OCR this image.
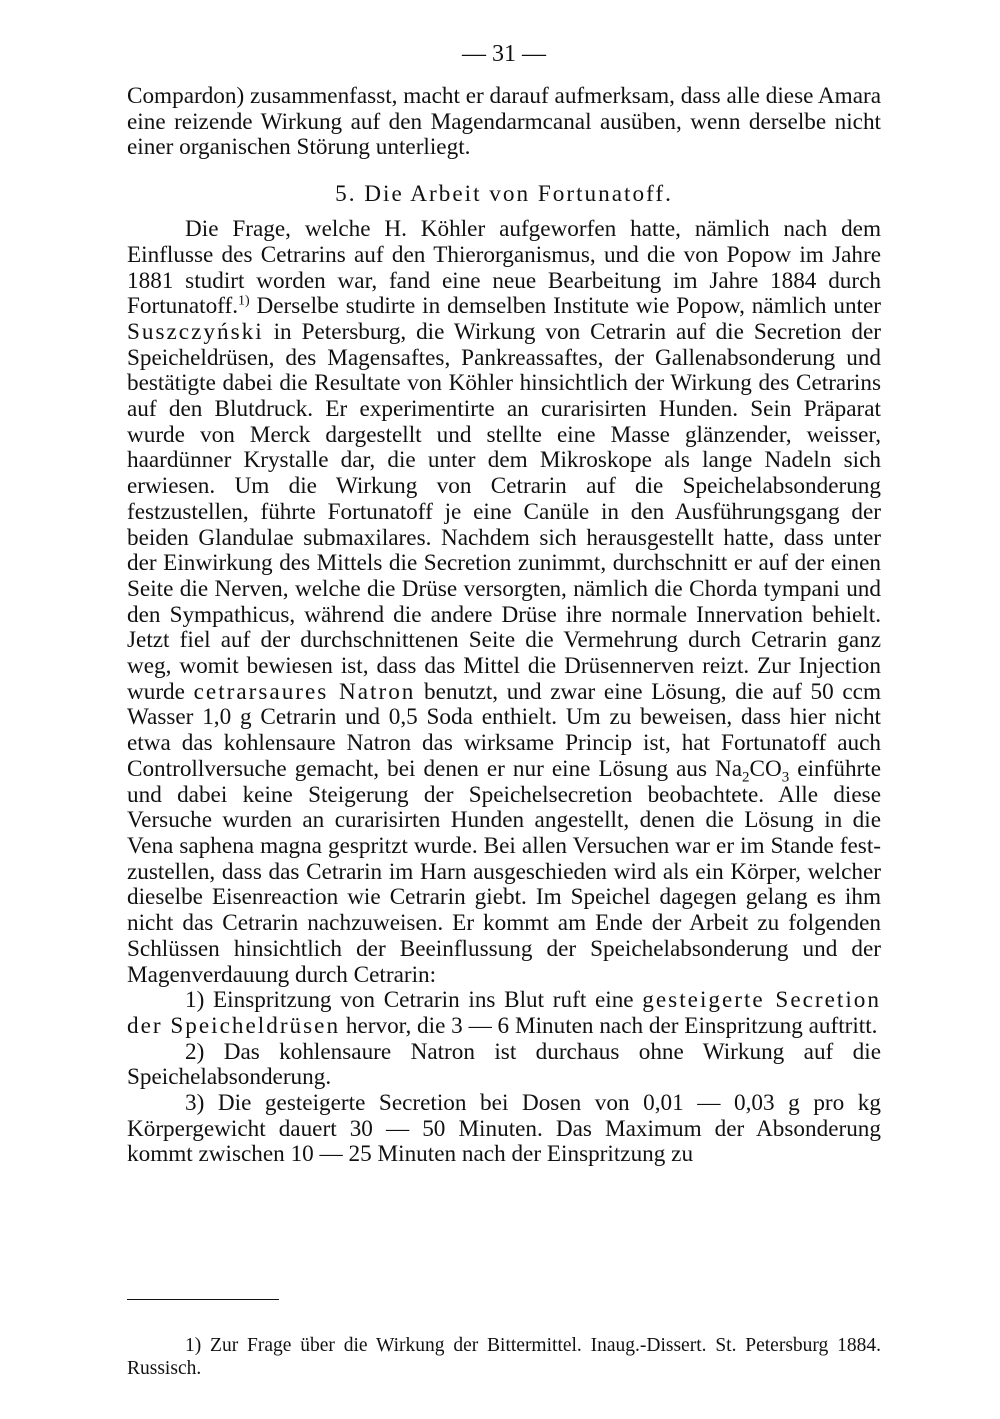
— 31 —

Compardon) zusammenfasst, macht er darauf aufmerksam, dass alle diese Amara eine reizende Wirkung auf den Magendarmcanal ausüben, wenn derselbe nicht einer organischen Störung unterliegt.

5. Die Arbeit von Fortunatoff.

Die Frage, welche H. Köhler aufgeworfen hatte, nämlich nach dem Einflusse des Cetrarins auf den Thierorganismus, und die von Popow im Jahre 1881 studirt worden war, fand eine neue Bearbeitung im Jahre 1884 durch Fortunatoff.$^{1)}$ Derselbe studirte in demselben Institute wie Popow, nämlich unter Suszczyński in Petersburg, die Wirkung von Cetrarin auf die Secretion der Speicheldrüsen, des Magensaftes, Pankreassaftes, der Gallenabsonderung und bestätigte dabei die Resultate von Köhler hinsichtlich der Wirkung des Cetrarins auf den Blutdruck. Er experimentirte an curarisirten Hunden. Sein Präparat wurde von Merck dargestellt und stellte eine Masse glänzender, weisser, haardünner Krystalle dar, die unter dem Mikroskope als lange Nadeln sich erwiesen. Um die Wirkung von Cetrarin auf die Speichelabsonderung festzustellen, führte Fortunatoff je eine Canüle in den Ausführungsgang der beiden Glandulae submaxilares. Nachdem sich herausgestellt hatte, dass unter der Einwirkung des Mittels die Secretion zunimmt, durchschnitt er auf der einen Seite die Nerven, welche die Drüse versorgten, nämlich die Chorda tympani und den Sympathicus, während die andere Drüse ihre normale Innervation behielt. Jetzt fiel auf der durchschnittenen Seite die Vermehrung durch Cetrarin ganz weg, womit bewiesen ist, dass das Mittel die Drüsennerven reizt. Zur Injection wurde cetrarsaures Natron benutzt, und zwar eine Lösung, die auf 50 ccm Wasser 1,0 g Cetrarin und 0,5 Soda enthielt. Um zu beweisen, dass hier nicht etwa das kohlensaure Natron das wirksame Princip ist, hat Fortunatoff auch Controllversuche gemacht, bei denen er nur eine Lösung aus $Na_2CO_3$ einführte und dabei keine Steigerung der Speichelsecretion beobachtete. Alle diese Versuche wurden an curarisirten Hunden angestellt, denen die Lösung in die Vena saphena magna gespritzt wurde. Bei allen Versuchen war er im Stande festzustellen, dass das Cetrarin im Harn ausgeschieden wird als ein Körper, welcher dieselbe Eisenreaction wie Cetrarin giebt. Im Speichel dagegen gelang es ihm nicht das Cetrarin nachzuweisen. Er kommt am Ende der Arbeit zu folgenden Schlüssen hinsichtlich der Beeinflussung der Speichelabsonderung und der Magenverdauung durch Cetrarin:

1) Einspritzung von Cetrarin ins Blut ruft eine gesteigerte Secretion der Speicheldrüsen hervor, die 3 — 6 Minuten nach der Einspritzung auftritt.

2) Das kohlensaure Natron ist durchaus ohne Wirkung auf die Speichelabsonderung.

3) Die gesteigerte Secretion bei Dosen von 0,01 — 0,03 g pro kg Körpergewicht dauert 30 — 50 Minuten. Das Maximum der Absonderung kommt zwischen 10 — 25 Minuten nach der Einspritzung zu

1) Zur Frage über die Wirkung der Bittermittel. Inaug.-Dissert. St. Petersburg 1884. Russisch.
